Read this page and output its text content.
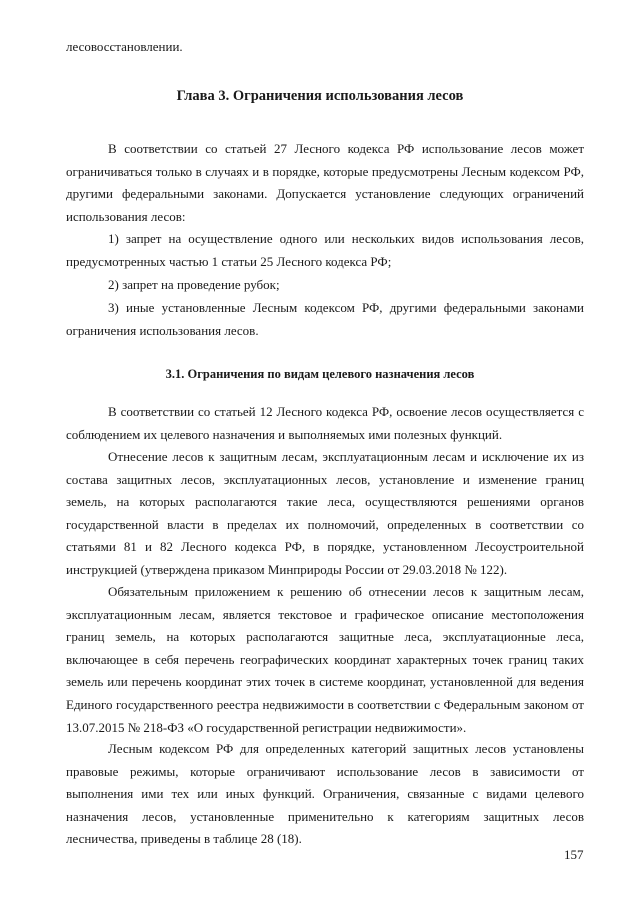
лесовосстановлении.

Глава 3. Ограничения использования лесов

В соответствии со статьей 27 Лесного кодекса РФ использование лесов может ограничиваться только в случаях и в порядке, которые предусмотрены Лесным кодексом РФ, другими федеральными законами. Допускается установление следующих ограничений использования лесов:

1) запрет на осуществление одного или нескольких видов использования лесов, предусмотренных частью 1 статьи 25 Лесного кодекса РФ;

2) запрет на проведение рубок;

3) иные установленные Лесным кодексом РФ, другими федеральными законами ограничения использования лесов.

3.1. Ограничения по видам целевого назначения лесов

В соответствии со статьей 12 Лесного кодекса РФ, освоение лесов осуществляется с соблюдением их целевого назначения и выполняемых ими полезных функций.

Отнесение лесов к защитным лесам, эксплуатационным лесам и исключение их из состава защитных лесов, эксплуатационных лесов, установление и изменение границ земель, на которых располагаются такие леса, осуществляются решениями органов государственной власти в пределах их полномочий, определенных в соответствии со статьями 81 и 82 Лесного кодекса РФ, в порядке, установленном Лесоустроительной инструкцией (утверждена приказом Минприроды России от 29.03.2018 № 122).

Обязательным приложением к решению об отнесении лесов к защитным лесам, эксплуатационным лесам, является текстовое и графическое описание местоположения границ земель, на которых располагаются защитные леса, эксплуатационные леса, включающее в себя перечень географических координат характерных точек границ таких земель или перечень координат этих точек в системе координат, установленной для ведения Единого государственного реестра недвижимости в соответствии с Федеральным законом от 13.07.2015 № 218-ФЗ «О государственной регистрации недвижимости».

Лесным кодексом РФ для определенных категорий защитных лесов установлены правовые режимы, которые ограничивают использование лесов в зависимости от выполнения ими тех или иных функций. Ограничения, связанные с видами целевого назначения лесов, установленные применительно к категориям защитных лесов лесничества, приведены в таблице 28 (18).

157
